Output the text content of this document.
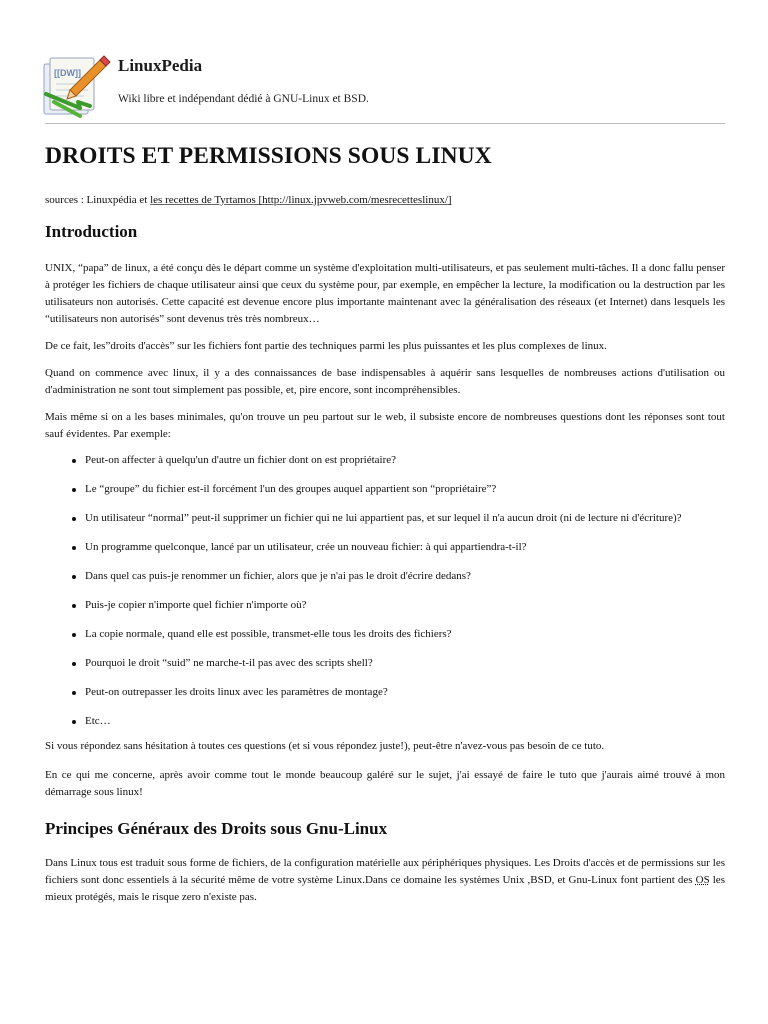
[[DW]] LinuxPedia
Wiki libre et indépendant dédié à GNU-Linux et BSD.
DROITS ET PERMISSIONS SOUS LINUX
sources : Linuxpédia et les recettes de Tyrtamos [http://linux.jpvweb.com/mesrecetteslinux/]
Introduction

UNIX, “papa” de linux, a été conçu dès le départ comme un système d'exploitation multi-utilisateurs, et pas seulement multi-tâches. Il a donc fallu penser à protéger les fichiers de chaque utilisateur ainsi que ceux du système pour, par exemple, en empêcher la lecture, la modification ou la destruction par les utilisateurs non autorisés. Cette capacité est devenue encore plus importante maintenant avec la généralisation des réseaux (et Internet) dans lesquels les “utilisateurs non autorisés” sont devenus très très nombreux…

De ce fait, les”droits d'accès” sur les fichiers font partie des techniques parmi les plus puissantes et les plus complexes de linux.

Quand on commence avec linux, il y a des connaissances de base indispensables à aquérir sans lesquelles de nombreuses actions d'utilisation ou d'administration ne sont tout simplement pas possible, et, pire encore, sont incompréhensibles.

Mais même si on a les bases minimales, qu'on trouve un peu partout sur le web, il subsiste encore de nombreuses questions dont les réponses sont tout sauf évidentes. Par exemple:

Peut-on affecter à quelqu'un d'autre un fichier dont on est propriétaire?
Le “groupe” du fichier est-il forcément l'un des groupes auquel appartient son “propriétaire”?
Un utilisateur “normal” peut-il supprimer un fichier qui ne lui appartient pas, et sur lequel il n'a aucun droit (ni de lecture ni d'écriture)?
Un programme quelconque, lancé par un utilisateur, crée un nouveau fichier: à qui appartiendra-t-il?
Dans quel cas puis-je renommer un fichier, alors que je n'ai pas le droit d'écrire dedans?
Puis-je copier n'importe quel fichier n'importe où?
La copie normale, quand elle est possible, transmet-elle tous les droits des fichiers?
Pourquoi le droit “suid” ne marche-t-il pas avec des scripts shell?
Peut-on outrepasser les droits linux avec les paramètres de montage?
Etc…

Si vous répondez sans hésitation à toutes ces questions (et si vous répondez juste!), peut-être n'avez-vous pas besoin de ce tuto.

En ce qui me concerne, après avoir comme tout le monde beaucoup galéré sur le sujet, j'ai essayé de faire le tuto que j'aurais aimé trouvé à mon démarrage sous linux!

Principes Généraux des Droits sous Gnu-Linux

Dans Linux tous est traduit sous forme de fichiers, de la configuration matérielle aux périphériques physiques. Les Droits d'accès et de permissions sur les fichiers sont donc essentiels à la sécurité même de votre système Linux.Dans ce domaine les systèmes Unix ,BSD, et Gnu-Linux font partient des OS les mieux protégés, mais le risque zero n'existe pas.
